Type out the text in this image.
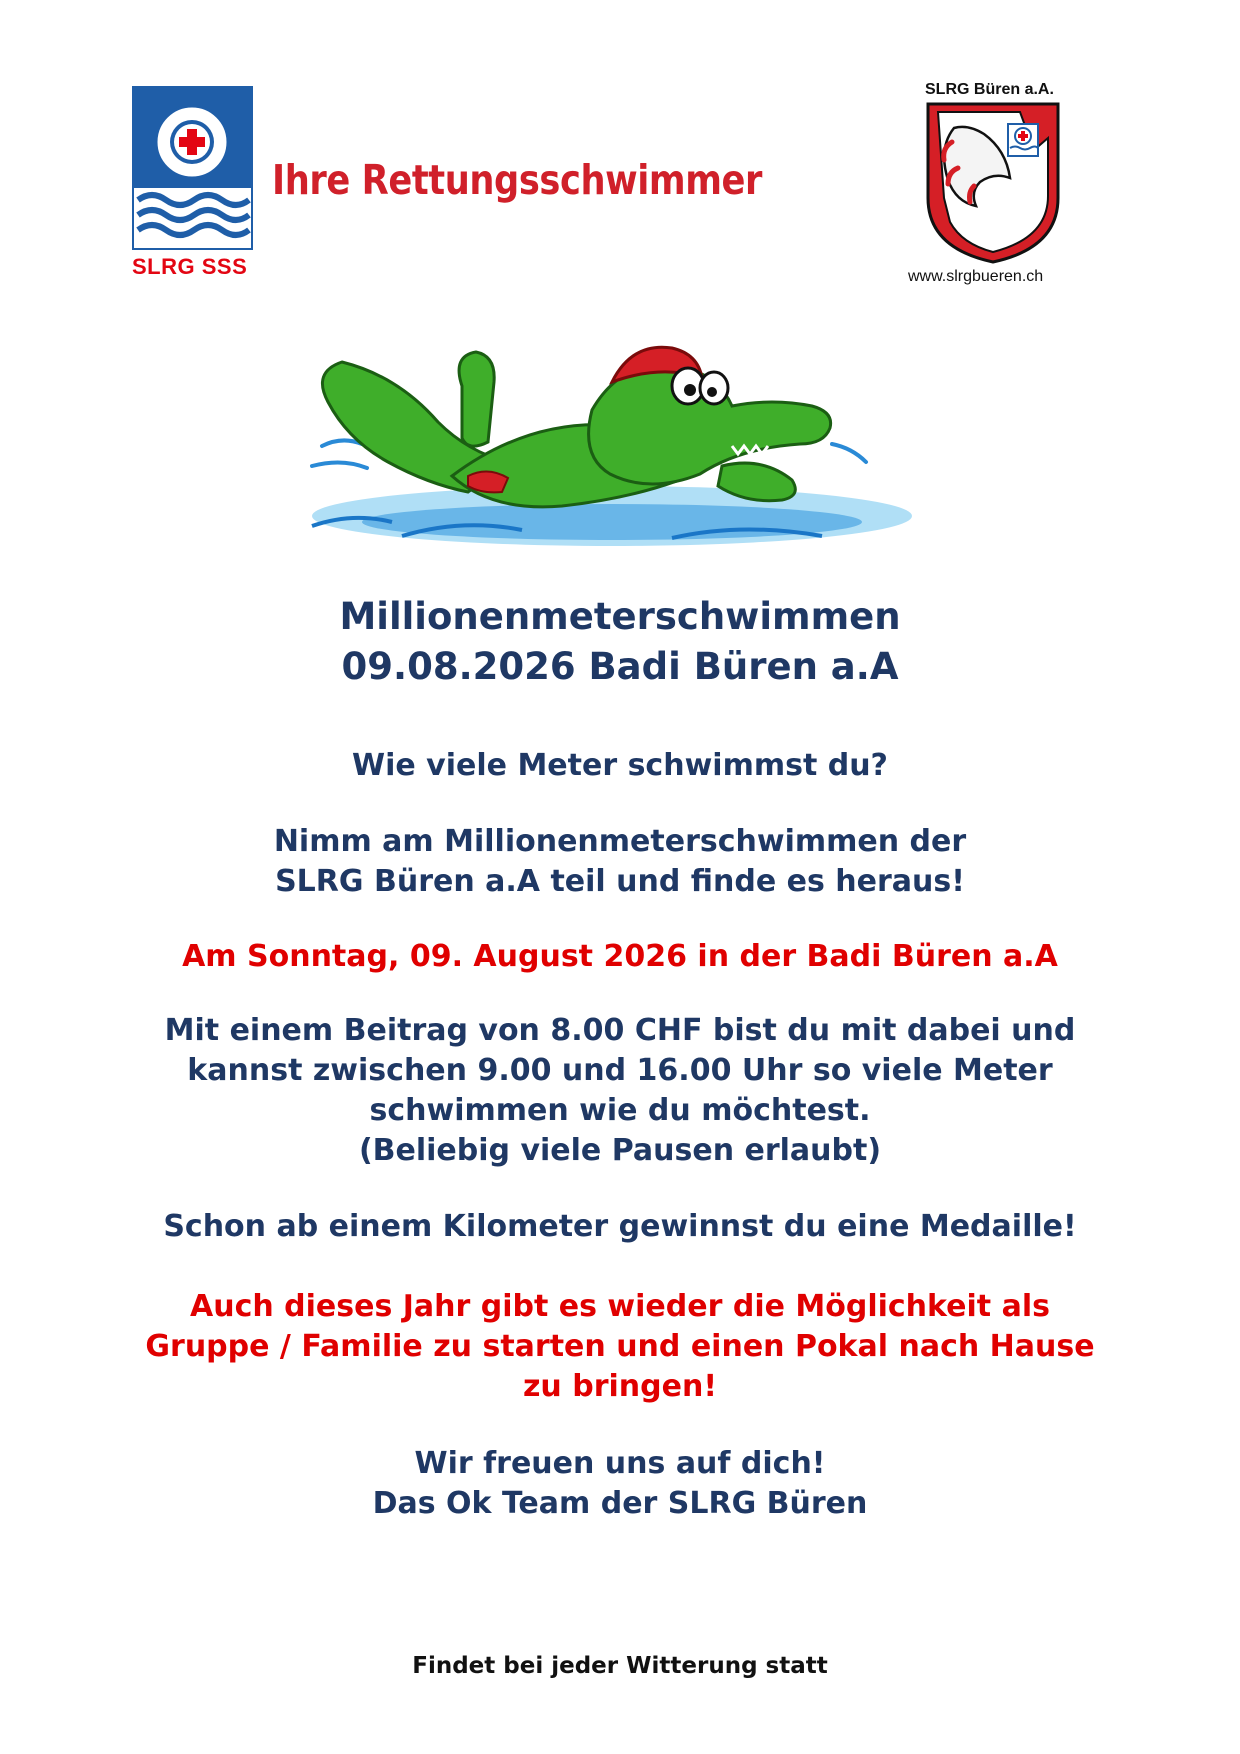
SLRG SSS
Ihre Rettungsschwimmer
SLRG Büren a.A.
www.slrgbueren.ch
Millionenmeterschwimmen
09.08.2026 Badi Büren a.A
Wie viele Meter schwimmst du?
Nimm am Millionenmeterschwimmen der
SLRG Büren a.A teil und finde es heraus!
Am Sonntag, 09. August 2026 in der Badi Büren a.A
Mit einem Beitrag von 8.00 CHF bist du mit dabei und
kannst zwischen 9.00 und 16.00 Uhr so viele Meter
schwimmen wie du möchtest.
(Beliebig viele Pausen erlaubt)
Schon ab einem Kilometer gewinnst du eine Medaille!
Auch dieses Jahr gibt es wieder die Möglichkeit als
Gruppe / Familie zu starten und einen Pokal nach Hause
zu bringen!
Wir freuen uns auf dich!
Das Ok Team der SLRG Büren
Findet bei jeder Witterung statt
